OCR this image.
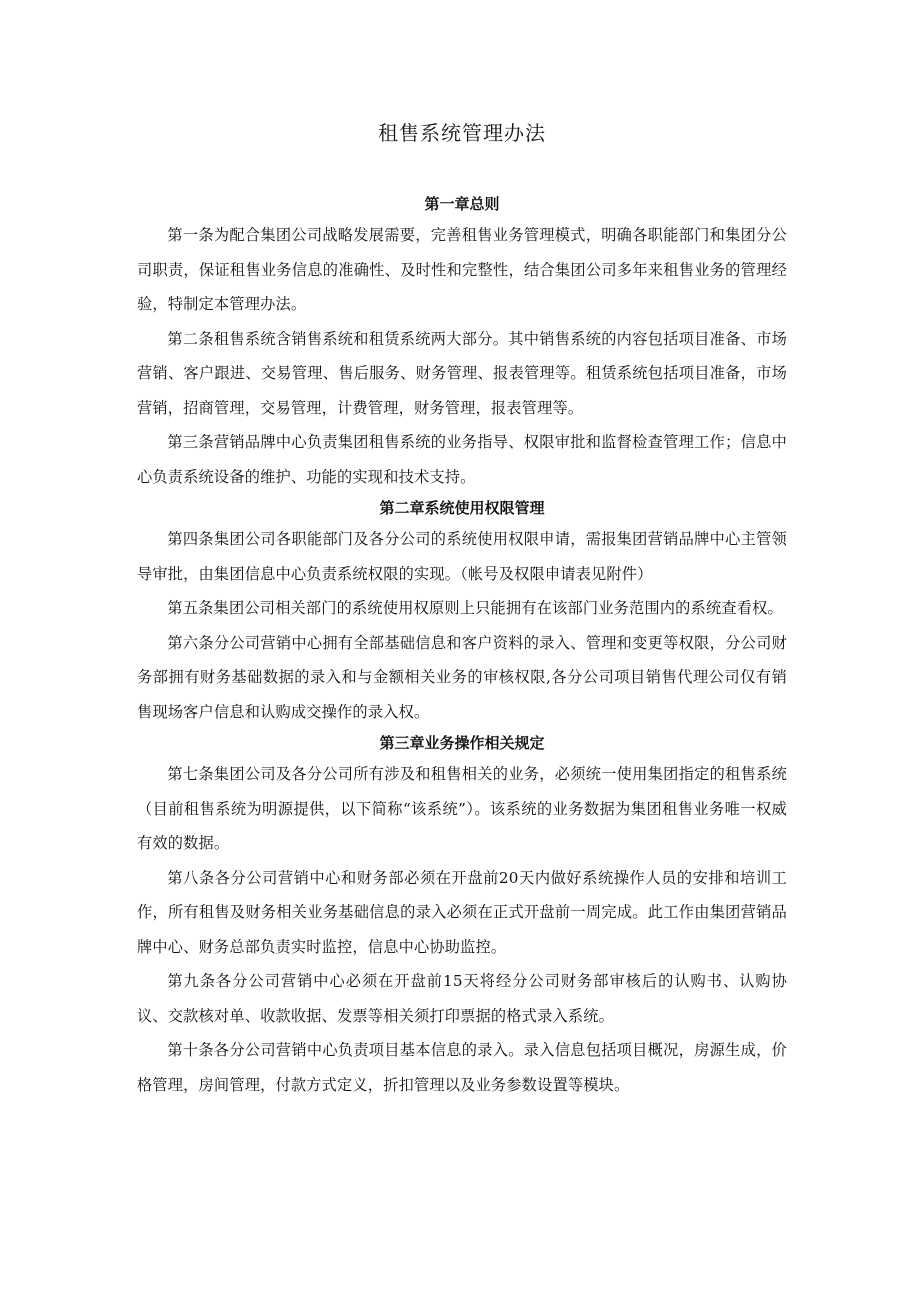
租售系统管理办法
第一章总则

第一条为配合集团公司战略发展需要，完善租售业务管理模式，明确各职能部门和集团分公司职责，保证租售业务信息的准确性、及时性和完整性，结合集团公司多年来租售业务的管理经验，特制定本管理办法。

第二条租售系统含销售系统和租赁系统两大部分。其中销售系统的内容包括项目准备、市场营销、客户跟进、交易管理、售后服务、财务管理、报表管理等。租赁系统包括项目准备，市场营销，招商管理，交易管理，计费管理，财务管理，报表管理等。

第三条营销品牌中心负责集团租售系统的业务指导、权限审批和监督检查管理工作；信息中心负责系统设备的维护、功能的实现和技术支持。

第二章系统使用权限管理

第四条集团公司各职能部门及各分公司的系统使用权限申请，需报集团营销品牌中心主管领导审批，由集团信息中心负责系统权限的实现。（帐号及权限申请表见附件）

第五条集团公司相关部门的系统使用权原则上只能拥有在该部门业务范围内的系统查看权。

第六条分公司营销中心拥有全部基础信息和客户资料的录入、管理和变更等权限，分公司财务部拥有财务基础数据的录入和与金额相关业务的审核权限,各分公司项目销售代理公司仅有销售现场客户信息和认购成交操作的录入权。

第三章业务操作相关规定

第七条集团公司及各分公司所有涉及和租售相关的业务，必须统一使用集团指定的租售系统（目前租售系统为明源提供，以下简称“该系统”）。该系统的业务数据为集团租售业务唯一权威有效的数据。

第八条各分公司营销中心和财务部必须在开盘前20天内做好系统操作人员的安排和培训工作，所有租售及财务相关业务基础信息的录入必须在正式开盘前一周完成。此工作由集团营销品牌中心、财务总部负责实时监控，信息中心协助监控。

第九条各分公司营销中心必须在开盘前15天将经分公司财务部审核后的认购书、认购协议、交款核对单、收款收据、发票等相关须打印票据的格式录入系统。

第十条各分公司营销中心负责项目基本信息的录入。录入信息包括项目概况，房源生成，价格管理，房间管理，付款方式定义，折扣管理以及业务参数设置等模块。
